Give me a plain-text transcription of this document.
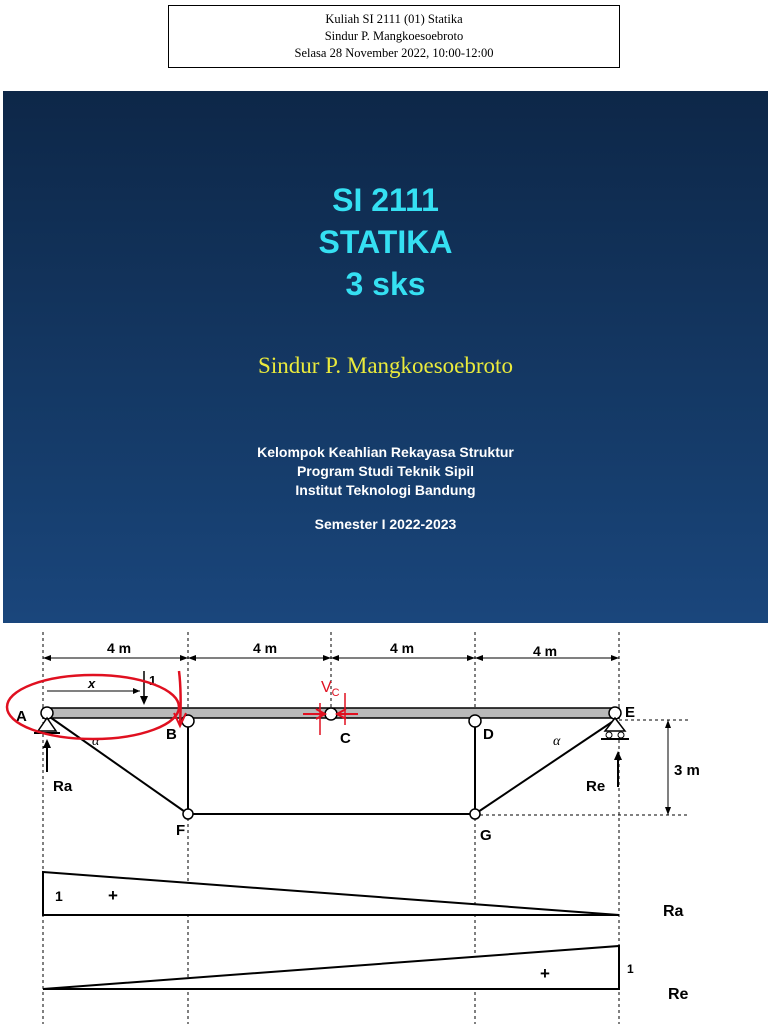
Kuliah SI 2111 (01) Statika
Sindur P. Mangkoesoebroto
Selasa 28 November 2022, 10:00-12:00
SI 2111
STATIKA
3 sks
Sindur P. Mangkoesoebroto
Kelompok Keahlian Rekayasa Struktur
Program Studi Teknik Sipil
Institut Teknologi Bandung
Semester I 2022-2023
4 m	4 m	4 m	4 m
3 m
Ra	Re
x	1
α	α
A
B	C	D
E
F	G
$V_C$
1	+
Ra
+	1
Re
